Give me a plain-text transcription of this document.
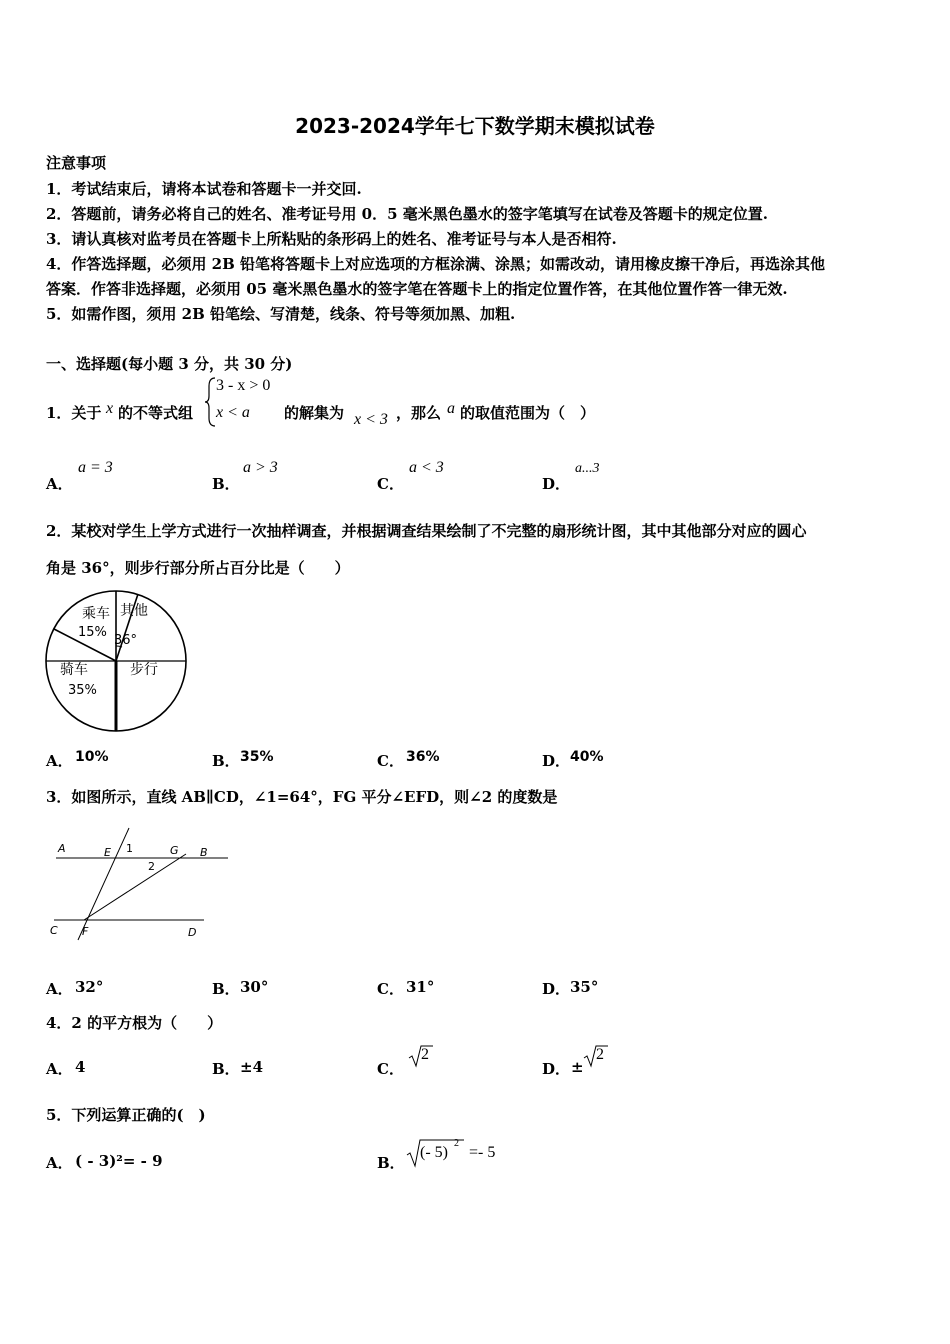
2023-2024学年七下数学期末模拟试卷
注意事项
1．考试结束后，请将本试卷和答题卡一并交回.
2．答题前，请务必将自己的姓名、准考证号用 0．5 毫米黑色墨水的签字笔填写在试卷及答题卡的规定位置.
3．请认真核对监考员在答题卡上所粘贴的条形码上的姓名、准考证号与本人是否相符.
4．作答选择题，必须用 2B 铅笔将答题卡上对应选项的方框涂满、涂黑；如需改动，请用橡皮擦干净后，再选涂其他
答案．作答非选择题，必须用 05 毫米黑色墨水的签字笔在答题卡上的指定位置作答，在其他位置作答一律无效.
5．如需作图，须用 2B 铅笔绘、写清楚，线条、符号等须加黑、加粗.
一、选择题(每小题 3 分，共 30 分)
1．关于 x 的不等式组
3 - x > 0
x < a 的解集为 x < 3 ，那么 a 的取值范围为（　）
A．
a = 3
B．
a > 3
C．
a < 3
D．
a...3
2．某校对学生上学方式进行一次抽样调查，并根据调查结果绘制了不完整的扇形统计图，其中其他部分对应的圆心
角是 36°，则步行部分所占百分比是（　　）
乘车
15%
其他
36°
骑车
35%
步行
A． 10%	B． 35%	C． 36%	D． 40%
3．如图所示，直线 AB∥CD，∠1=64°，FG 平分∠EFD，则∠2 的度数是
A	E 1	G B
2
C F	D
A． 32°	B． 30°	C． 31°	D． 35°
4．2 的平方根为（　　）
A． 4	B． ±4	C．
2
D． ±
2
5．下列运算正确的(　)
A． ( - 3)²= - 9	B．
(- 5)
2
=- 5
